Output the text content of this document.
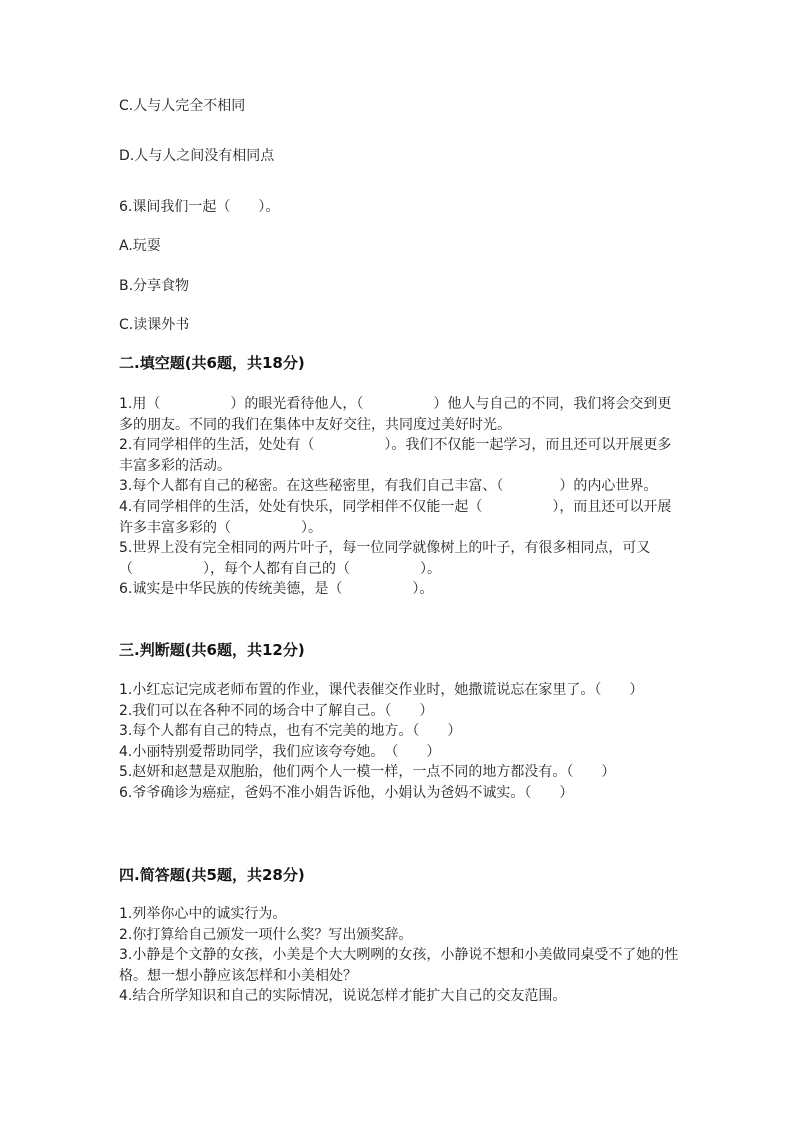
C.人与人完全不相同
D.人与人之间没有相同点
6.课间我们一起（　　）。
A.玩耍
B.分享食物
C.读课外书
二.填空题(共6题，共18分)

1.用（　　　　　）的眼光看待他人，（　　　　　）他人与自己的不同，我们将会交到更多的朋友。不同的我们在集体中友好交往，共同度过美好时光。

2.有同学相伴的生活，处处有（　　　　　）。我们不仅能一起学习，而且还可以开展更多丰富多彩的活动。

3.每个人都有自己的秘密。在这些秘密里，有我们自己丰富、（　　　　）的内心世界。

4.有同学相伴的生活，处处有快乐，同学相伴不仅能一起（　　　　　），而且还可以开展许多丰富多彩的（　　　　　）。

5.世界上没有完全相同的两片叶子，每一位同学就像树上的叶子，有很多相同点，可又（　　　　　），每个人都有自己的（　　　　　）。

6.诚实是中华民族的传统美德，是（　　　　　）。

三.判断题(共6题，共12分)

1.小红忘记完成老师布置的作业，课代表催交作业时，她撒谎说忘在家里了。（　　）

2.我们可以在各种不同的场合中了解自己。（　　）

3.每个人都有自己的特点，也有不完美的地方。（　　）

4.小丽特别爱帮助同学，我们应该夸夸她。　（　　）

5.赵妍和赵慧是双胞胎，他们两个人一模一样，一点不同的地方都没有。（　　）

6.爷爷确诊为癌症，爸妈不准小娟告诉他，小娟认为爸妈不诚实。（　　）

四.简答题(共5题，共28分)

1.列举你心中的诚实行为。

2.你打算给自己颁发一项什么奖？写出颁奖辞。

3.小静是个文静的女孩，小美是个大大咧咧的女孩，小静说不想和小美做同桌受不了她的性格。想一想小静应该怎样和小美相处？

4.结合所学知识和自己的实际情况，说说怎样才能扩大自己的交友范围。
